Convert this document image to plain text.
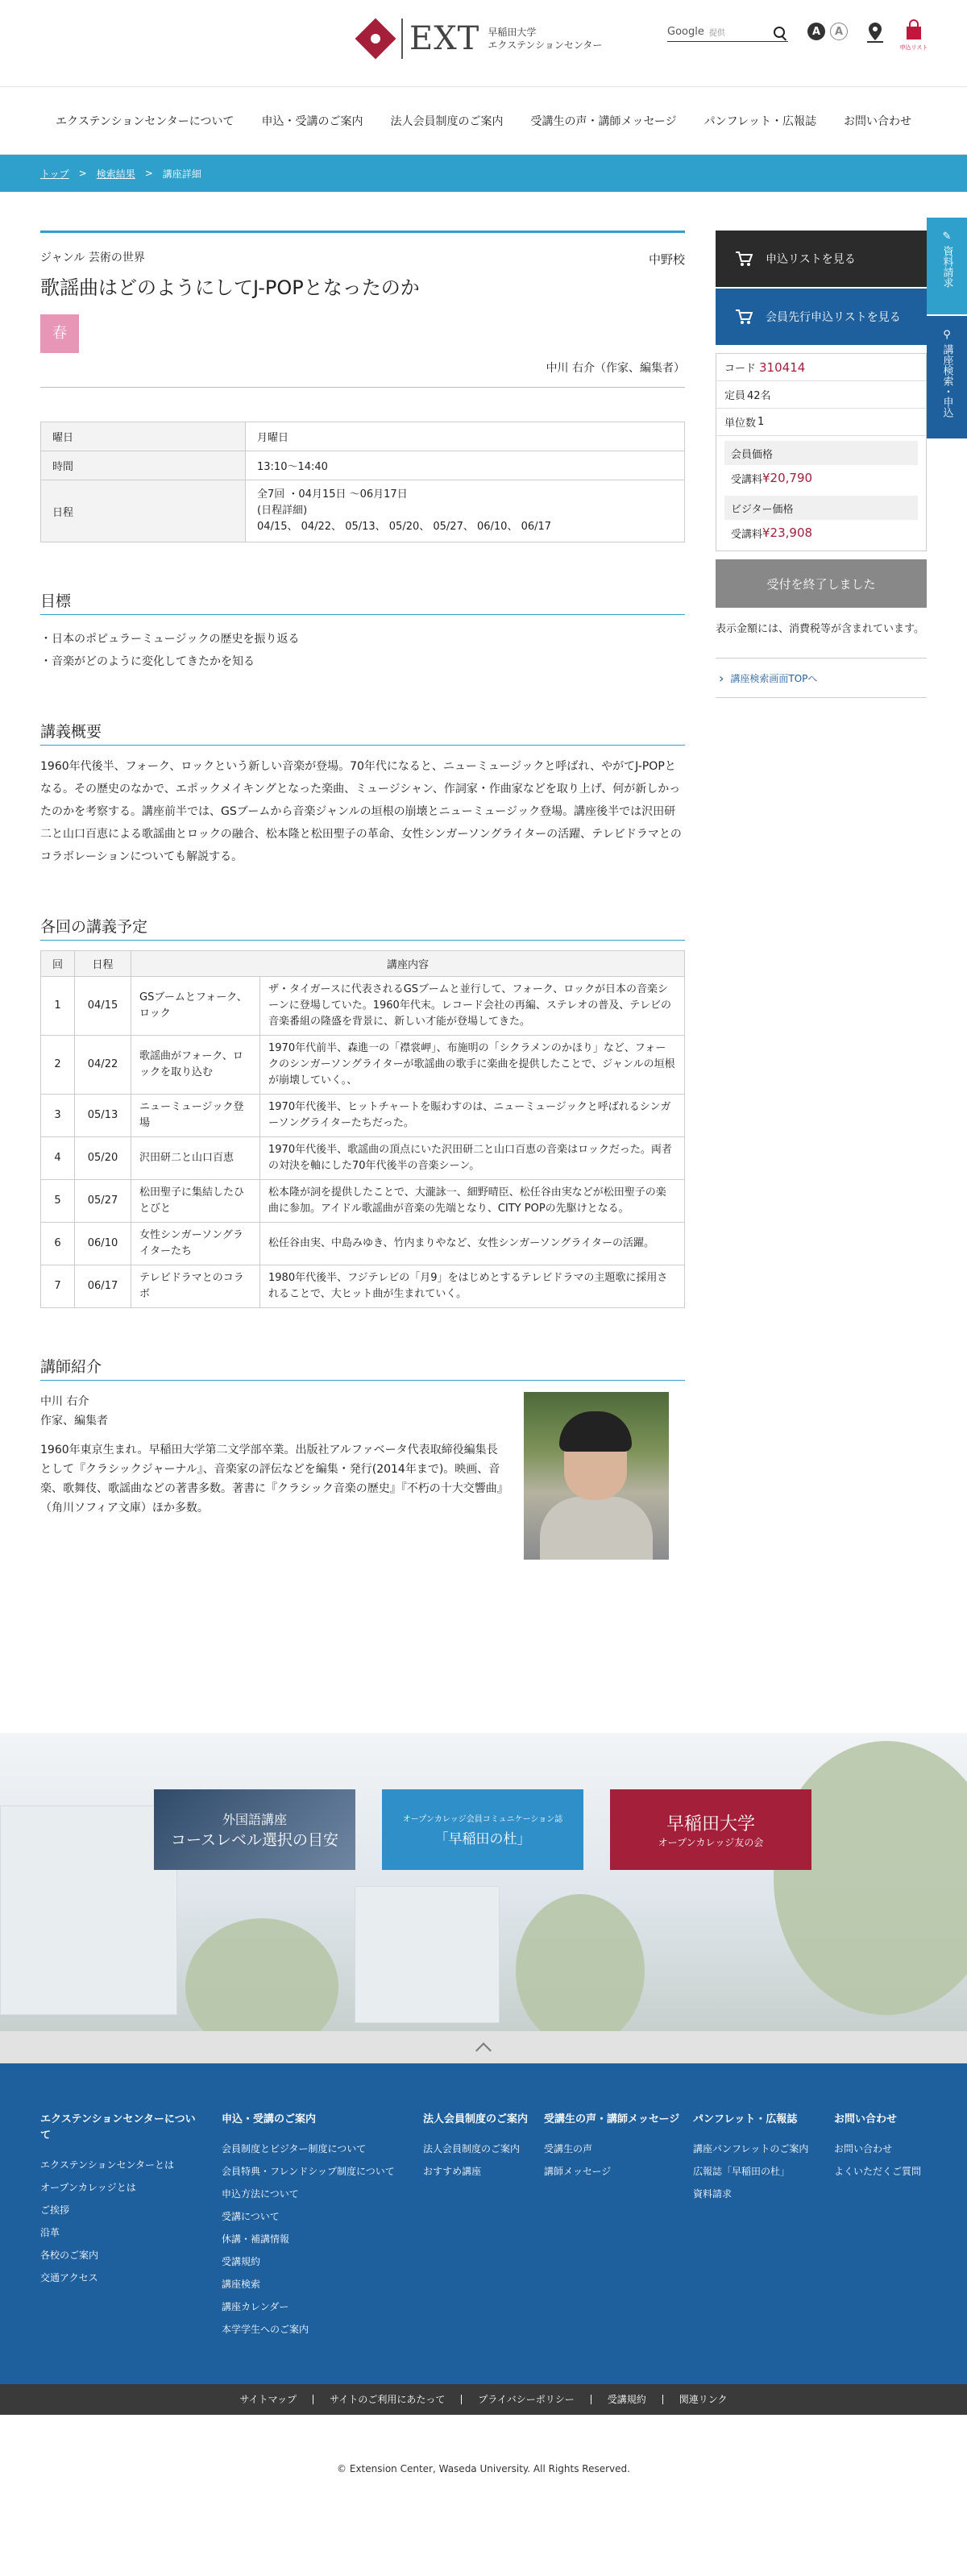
EXT 早稲田大学
エクステンションセンター
Google 提供	A	A
申込リスト
エクステンションセンターについて	申込・受講のご案内	法人会員制度のご案内	受講生の声・講師メッセージ	パンフレット・広報誌	お問い合わせ
トップ > 検索結果 > 講座詳細
ジャンル 芸術の世界	中野校
歌謡曲はどのようにしてJ-POPとなったのか
春
中川 右介（作家、編集者）
曜日	月曜日
時間	13:10～14:40
日程	全7回 ・04月15日 ～06月17日
(日程詳細)
04/15、 04/22、 05/13、 05/20、 05/27、 06/10、 06/17
目標
・日本のポピュラーミュージックの歴史を振り返る
・音楽がどのように変化してきたかを知る
講義概要

1960年代後半、フォーク、ロックという新しい音楽が登場。70年代になると、ニューミュージックと呼ばれ、やがてJ-POPとなる。その歴史のなかで、エポックメイキングとなった楽曲、ミュージシャン、作詞家・作曲家などを取り上げ、何が新しかったのかを考察する。講座前半では、GSブームから音楽ジャンルの垣根の崩壊とニューミュージック登場。講座後半では沢田研二と山口百恵による歌謡曲とロックの融合、松本隆と松田聖子の革命、女性シンガーソングライターの活躍、テレビドラマとのコラボレーションについても解説する。

各回の講義予定
回	日程	講座内容	
1	04/15	GSブームとフォーク、ロック	ザ・タイガースに代表されるGSブームと並行して、フォーク、ロックが日本の音楽シーンに登場していた。1960年代末。レコード会社の再編、ステレオの普及、テレビの音楽番組の隆盛を背景に、新しい才能が登場してきた。
2	04/22	歌謡曲がフォーク、ロックを取り込む	1970年代前半、森進一の「襟裳岬」、布施明の「シクラメンのかほり」など、フォークのシンガーソングライターが歌謡曲の歌手に楽曲を提供したことで、ジャンルの垣根が崩壊していく。、
3	05/13	ニューミュージック登場	1970年代後半、ヒットチャートを賑わすのは、ニューミュージックと呼ばれるシンガーソングライターたちだった。
4	05/20	沢田研二と山口百恵	1970年代後半、歌謡曲の頂点にいた沢田研二と山口百恵の音楽はロックだった。両者の対決を軸にした70年代後半の音楽シーン。
5	05/27	松田聖子に集結したひとびと	松本隆が詞を提供したことで、大瀧詠一、細野晴臣、松任谷由実などが松田聖子の楽曲に参加。アイドル歌謡曲が音楽の先端となり、CITY POPの先駆けとなる。
6	06/10	女性シンガーソングライターたち	松任谷由実、中島みゆき、竹内まりやなど、女性シンガーソングライターの活躍。
7	06/17	テレビドラマとのコラボ	1980年代後半、フジテレビの「月9」をはじめとするテレビドラマの主題歌に採用されることで、大ヒット曲が生まれていく。
講師紹介
中川 右介
作家、編集者

1960年東京生まれ。早稲田大学第二文学部卒業。出版社アルファベータ代表取締役編集長として『クラシックジャーナル』、音楽家の評伝などを編集・発行(2014年まで)。映画、音楽、歌舞伎、歌謡曲などの著書多数。著書に『クラシック音楽の歴史』『不朽の十大交響曲』（角川ソフィア文庫）ほか多数。

申込リストを見る
会員先行申込リストを見る
コード 310414
定員 42名
単位数 1
会員価格
受講料 ¥20,790
ビジター価格
受講料 ¥23,908
受付を終了しました

表示金額には、消費税等が含まれています。

› 講座検索画面TOPへ
✎
資料請求
⚲
講座検索・申込
外国語講座
コースレベル選択の目安
オープンカレッジ会員コミュニケーション誌
「早稲田の杜」
早稲田大学
オープンカレッジ友の会
エクステンションセンターについて
エクステンションセンターとは
オープンカレッジとは
ご挨拶
沿革
各校のご案内
交通アクセス
申込・受講のご案内
会員制度とビジター制度について
会員特典・フレンドシップ制度について
申込方法について
受講について
休講・補講情報
受講規約
講座検索
講座カレンダー
本学学生へのご案内
法人会員制度のご案内
法人会員制度のご案内
おすすめ講座
受講生の声・講師メッセージ
受講生の声
講師メッセージ
パンフレット・広報誌
講座パンフレットのご案内
広報誌「早稲田の杜」
資料請求
お問い合わせ
お問い合わせ
よくいただくご質問
サイトマップ	サイトのご利用にあたって	プライバシーポリシー	受講規約	関連リンク
© Extension Center, Waseda University. All Rights Reserved.
